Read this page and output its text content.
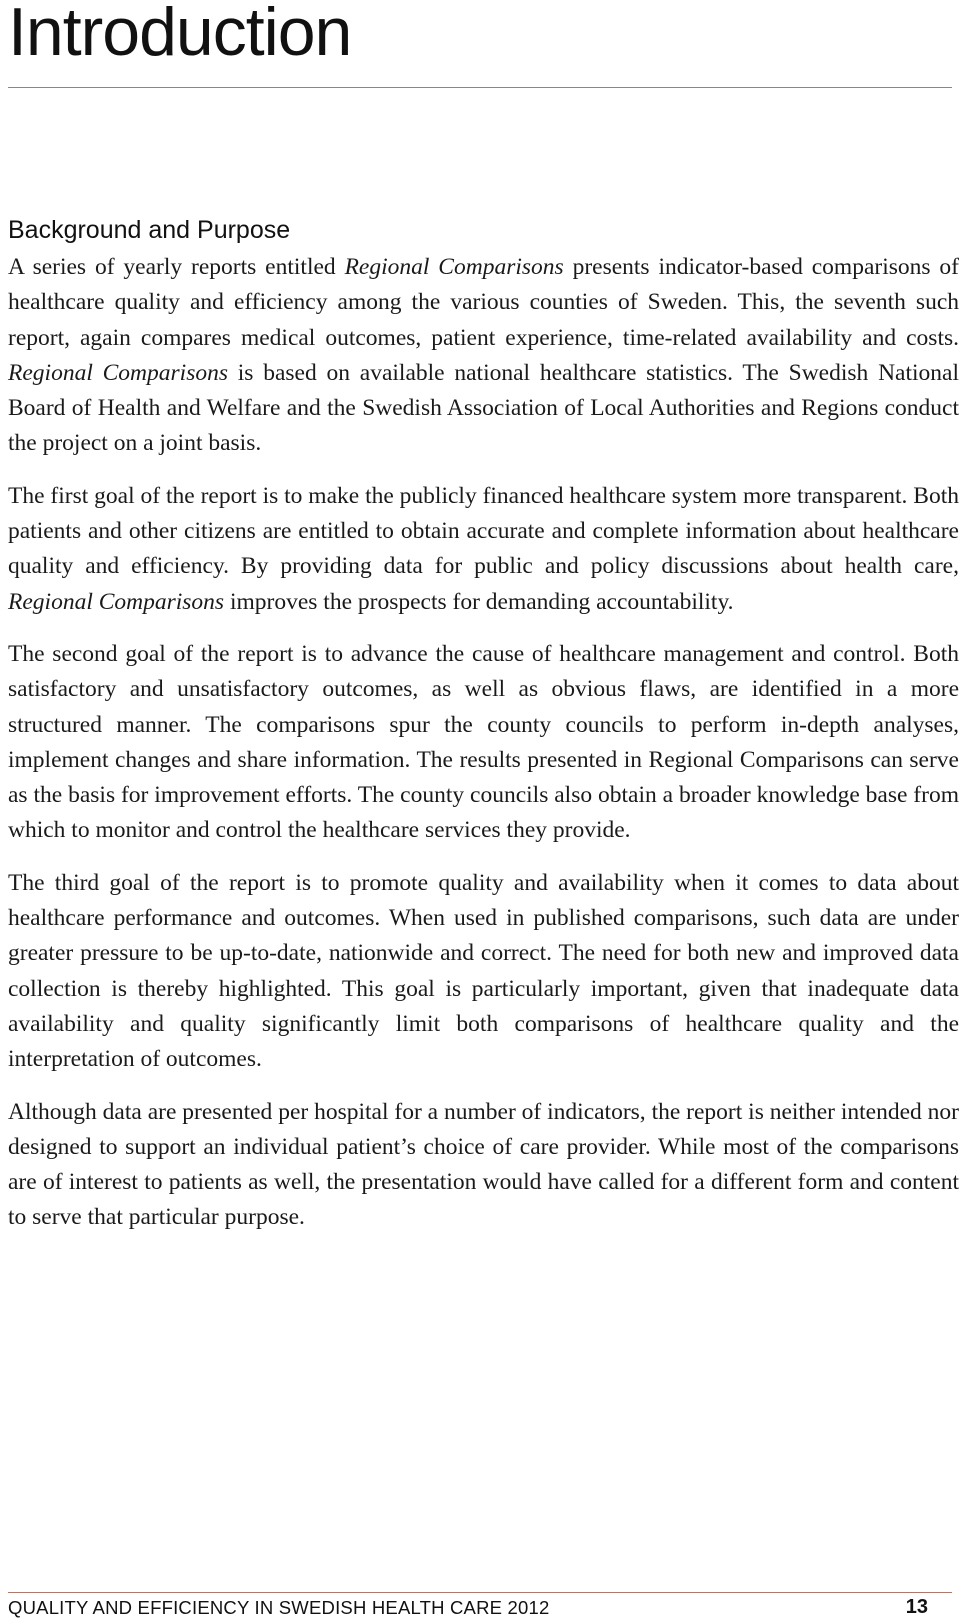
Introduction
Background and Purpose

A series of yearly reports entitled Regional Comparisons presents indicator-based comparisons of healthcare quality and efficiency among the various counties of Sweden. This, the seventh such report, again compares medical outcomes, patient experience, time-related availability and costs. Regional Comparisons is based on available national healthcare statistics. The Swedish National Board of Health and Welfare and the Swedish Association of Local Authorities and Regions conduct the project on a joint basis.

The first goal of the report is to make the publicly financed healthcare system more transparent. Both patients and other citizens are entitled to obtain accurate and complete information about healthcare quality and efficiency. By providing data for public and policy discussions about health care, Regional Comparisons improves the prospects for demanding accountability.

The second goal of the report is to advance the cause of healthcare management and control. Both satisfactory and unsatisfactory outcomes, as well as obvious flaws, are identified in a more structured manner. The comparisons spur the county councils to perform in-depth analyses, implement changes and share information. The results presented in Regional Comparisons can serve as the basis for improvement efforts. The county councils also obtain a broader knowledge base from which to monitor and control the healthcare services they provide.

The third goal of the report is to promote quality and availability when it comes to data about healthcare performance and outcomes. When used in published comparisons, such data are under greater pressure to be up-to-date, nationwide and correct. The need for both new and improved data collection is thereby highlighted. This goal is particularly important, given that inadequate data availability and quality significantly limit both comparisons of healthcare quality and the interpretation of outcomes.

Although data are presented per hospital for a number of indicators, the report is neither intended nor designed to support an individual patient’s choice of care provider. While most of the comparisons are of interest to patients as well, the presentation would have called for a different form and content to serve that particular purpose.

QUALITY AND EFFICIENCY IN SWEDISH HEALTH CARE 2012	13
